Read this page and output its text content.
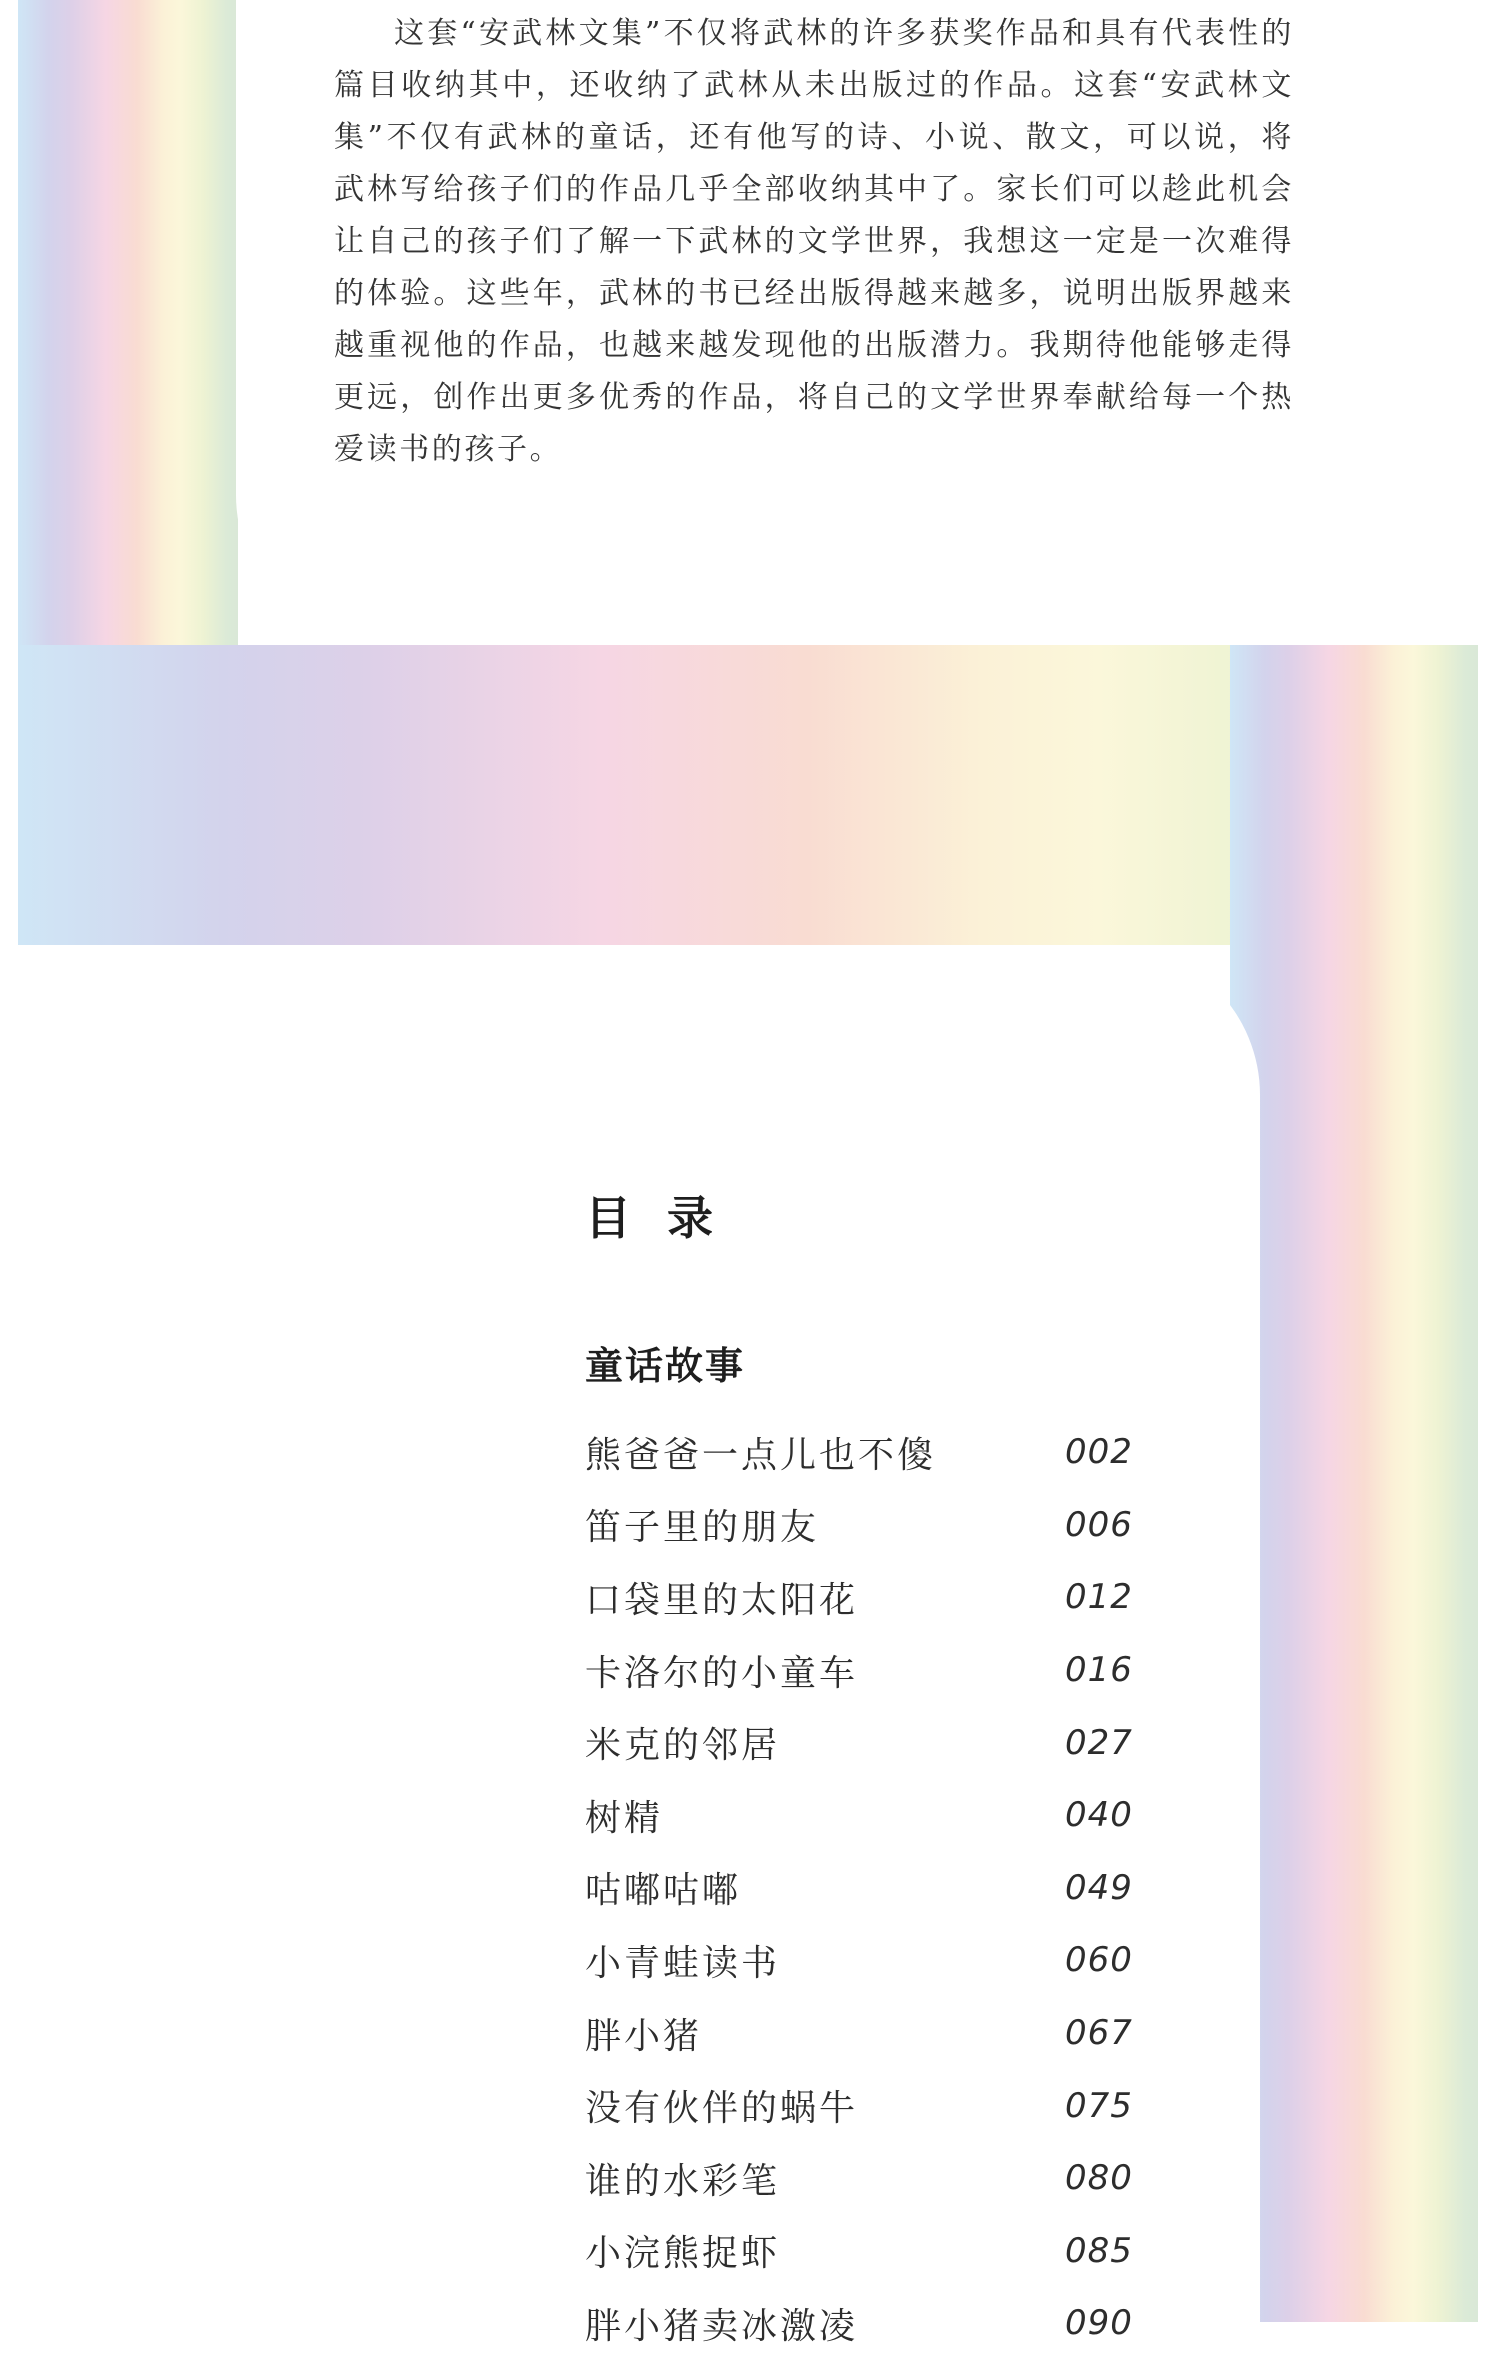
这套“安武林文集”不仅将武林的许多获奖作品和具有代表性的篇目收纳其中，还收纳了武林从未出版过的作品。这套“安武林文集”不仅有武林的童话，还有他写的诗、小说、散文，可以说，将武林写给孩子们的作品几乎全部收纳其中了。家长们可以趁此机会让自己的孩子们了解一下武林的文学世界，我想这一定是一次难得的体验。这些年，武林的书已经出版得越来越多，说明出版界越来越重视他的作品，也越来越发现他的出版潜力。我期待他能够走得更远，创作出更多优秀的作品，将自己的文学世界奉献给每一个热爱读书的孩子。

目录
童话故事
熊爸爸一点儿也不傻	002
笛子里的朋友	006
口袋里的太阳花	012
卡洛尔的小童车	016
米克的邻居	027
树精	040
咕嘟咕嘟	049
小青蛙读书	060
胖小猪	067
没有伙伴的蜗牛	075
谁的水彩笔	080
小浣熊捉虾	085
胖小猪卖冰激凌	090
